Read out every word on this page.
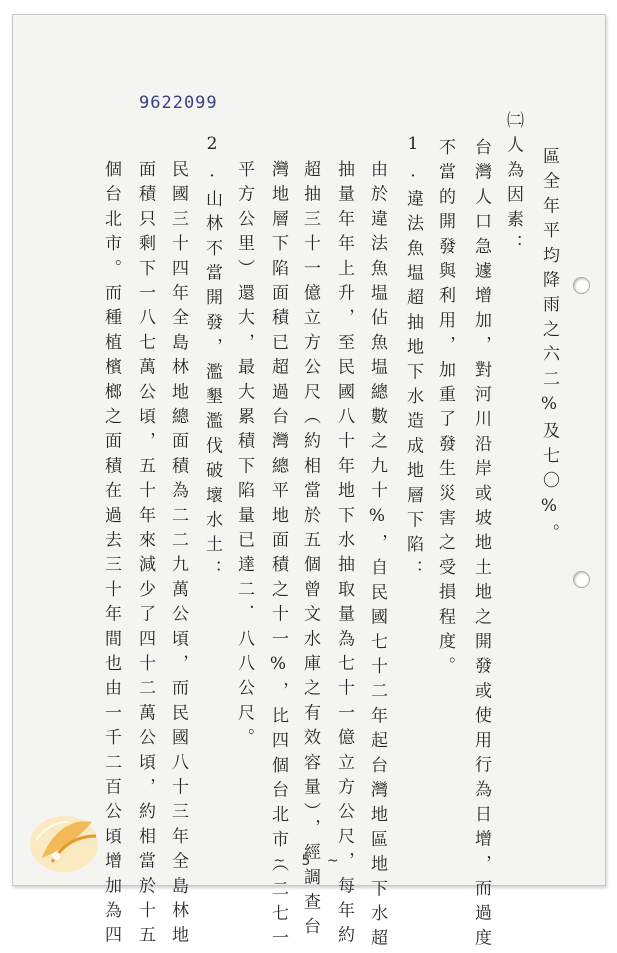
9622099
區全年平均降雨之六二%及七〇%。
㈡人為因素：
台灣人口急遽增加，對河川沿岸或坡地土地之開發或使用行為日增，而過度
不當的開發與利用，加重了發生災害之受損程度。
1.違法魚塭超抽地下水造成地層下陷：
由於違法魚塭佔魚塭總數之九十%，自民國七十二年起台灣地區地下水超
抽量年年上升，至民國八十年地下水抽取量為七十一億立方公尺，每年約
超抽三十一億立方公尺（約相當於五個曾文水庫之有效容量），經調查台
灣地層下陷面積已超過台灣總平地面積之十一%，比四個台北市（二七一
平方公里）還大，最大累積下陷量已達二．八八公尺。
2.山林不當開發，濫墾濫伐破壞水土：
民國三十四年全島林地總面積為二二九萬公頃，而民國八十三年全島林地
面積只剩下一八七萬公頃，五十年來減少了四十二萬公頃，約相當於十五
個台北市。而種植檳榔之面積在過去三十年間也由一千二百公頃增加為四	~ 5 ~
